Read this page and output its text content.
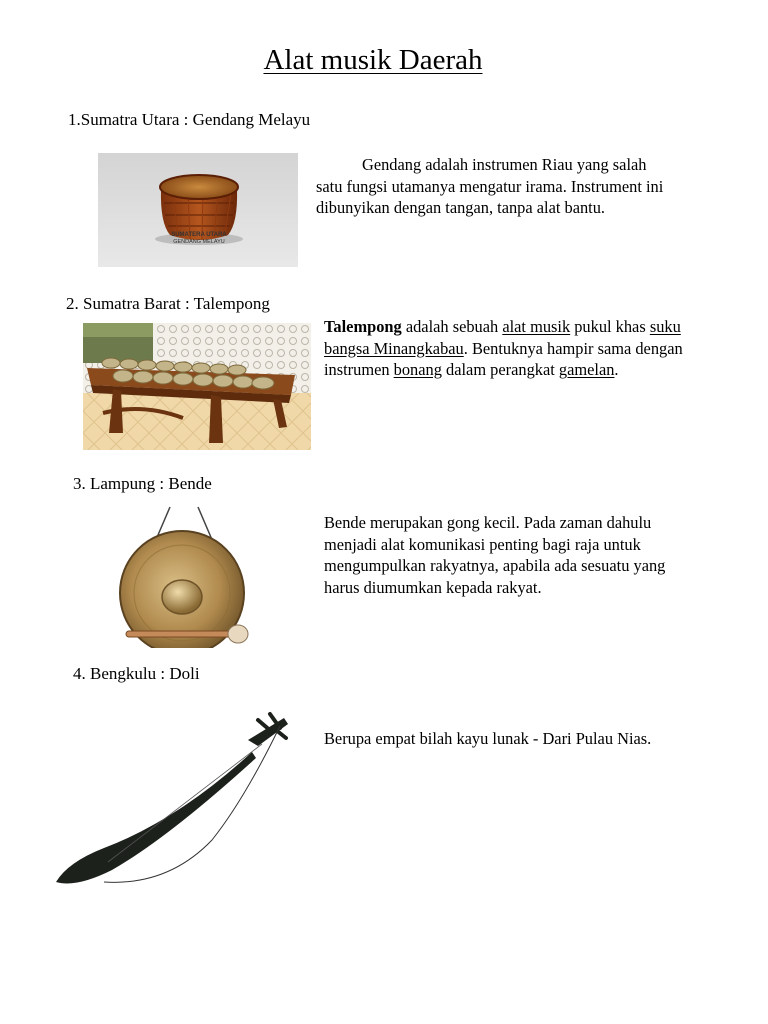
Alat musik Daerah
1.Sumatra Utara : Gendang Melayu
SUMATERA UTARA
GENDANG MELAYU
Gendang adalah instrumen Riau yang salah satu fungsi utamanya mengatur irama. Instrument ini dibunyikan dengan tangan, tanpa alat bantu.
2. Sumatra Barat : Talempong
Talempong adalah sebuah alat musik pukul khas suku bangsa Minangkabau. Bentuknya hampir sama dengan instrumen bonang dalam perangkat gamelan.
3. Lampung : Bende
Bende merupakan gong kecil. Pada zaman dahulu menjadi alat komunikasi penting bagi raja untuk mengumpulkan rakyatnya, apabila ada sesuatu yang harus diumumkan kepada rakyat.
4. Bengkulu : Doli
Berupa empat bilah kayu lunak - Dari Pulau Nias.
